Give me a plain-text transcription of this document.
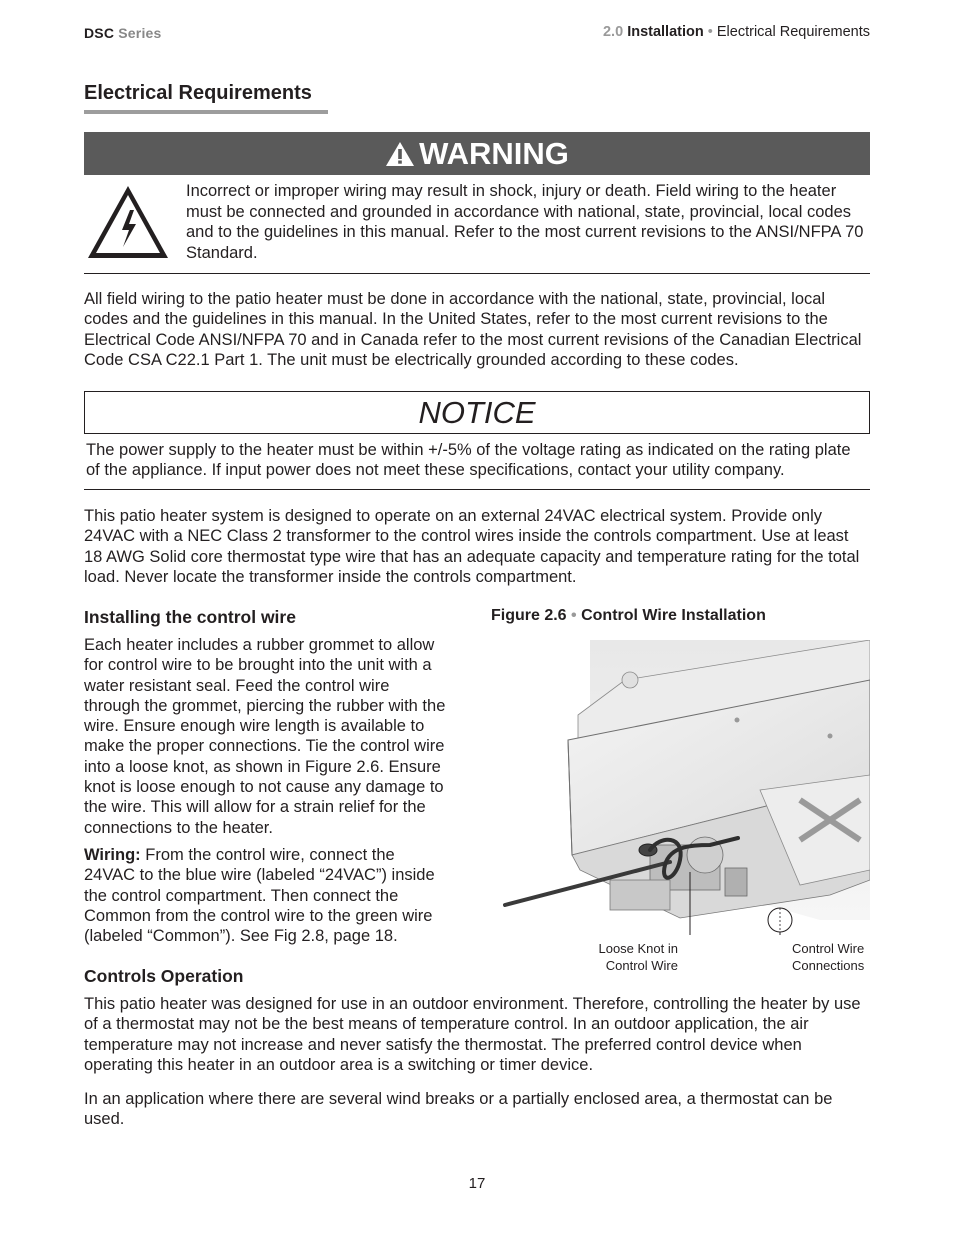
DSC Series	2.0 Installation • Electrical Requirements
Electrical Requirements
WARNING
Incorrect or improper wiring may result in shock, injury or death. Field wiring to the heater must be connected and grounded in accordance with national, state, provincial, local codes and to the guidelines in this manual. Refer to the most current revisions to the ANSI/NFPA 70 Standard.
All field wiring to the patio heater must be done in accordance with the national, state, provincial, local codes and the guidelines in this manual. In the United States, refer to the most current revisions to the Electrical Code ANSI/NFPA 70 and in Canada refer to the most current revisions of the Canadian Electrical Code CSA C22.1 Part 1. The unit must be electrically grounded according to these codes.
NOTICE
The power supply to the heater must be within +/-5% of the voltage rating as indicated on the rating plate of the appliance. If input power does not meet these specifications, contact your utility company.
This patio heater system is designed to operate on an external 24VAC electrical system. Provide only 24VAC with a NEC Class 2 transformer to the control wires inside the controls compartment. Use at least 18 AWG Solid core thermostat type wire that has an adequate capacity and temperature rating for the total load. Never locate the transformer inside the controls compartment.
Installing the control wire

Each heater includes a rubber grommet to allow for control wire to be brought into the unit with a water resistant seal. Feed the control wire through the grommet, piercing the rubber with the wire. Ensure enough wire length is available to make the proper connections. Tie the control wire into a loose knot, as shown in Figure 2.6. Ensure knot is loose enough to not cause any damage to the wire. This will allow for a strain relief for the connections to the heater.

Wiring: From the control wire, connect the 24VAC to the blue wire (labeled “24VAC”) inside the control compartment. Then connect the Common from the control wire to the green wire (labeled “Common”). See Fig 2.8, page 18.

Figure 2.6 • Control Wire Installation
Loose Knot in
Control Wire
Control Wire
Connections
Controls Operation
This patio heater was designed for use in an outdoor environment. Therefore, controlling the heater by use of a thermostat may not be the best means of temperature control. In an outdoor application, the air temperature may not increase and never satisfy the thermostat. The preferred control device when operating this heater in an outdoor area is a switching or timer device.
In an application where there are several wind breaks or a partially enclosed area, a thermostat can be used.
17
